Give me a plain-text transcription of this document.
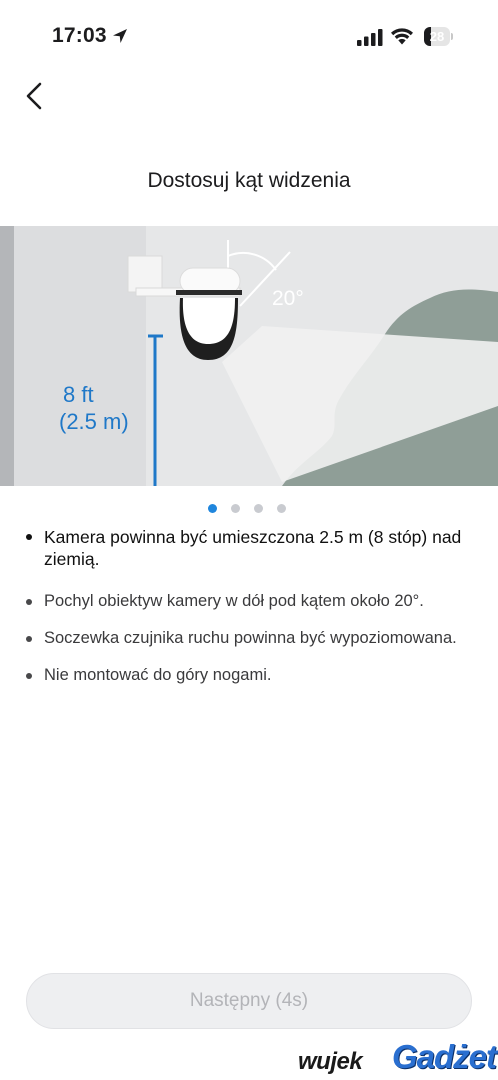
17:03	28
Dostosuj kąt widzenia
8 ft
(2.5 m)
20°
Kamera powinna być umieszczona 2.5 m (8 stóp) nad ziemią.
Pochyl obiektyw kamery w dół pod kątem około 20°.
Soczewka czujnika ruchu powinna być wypoziomowana.
Nie montować do góry nogami.
Następny (4s)
wujek Gadżet
